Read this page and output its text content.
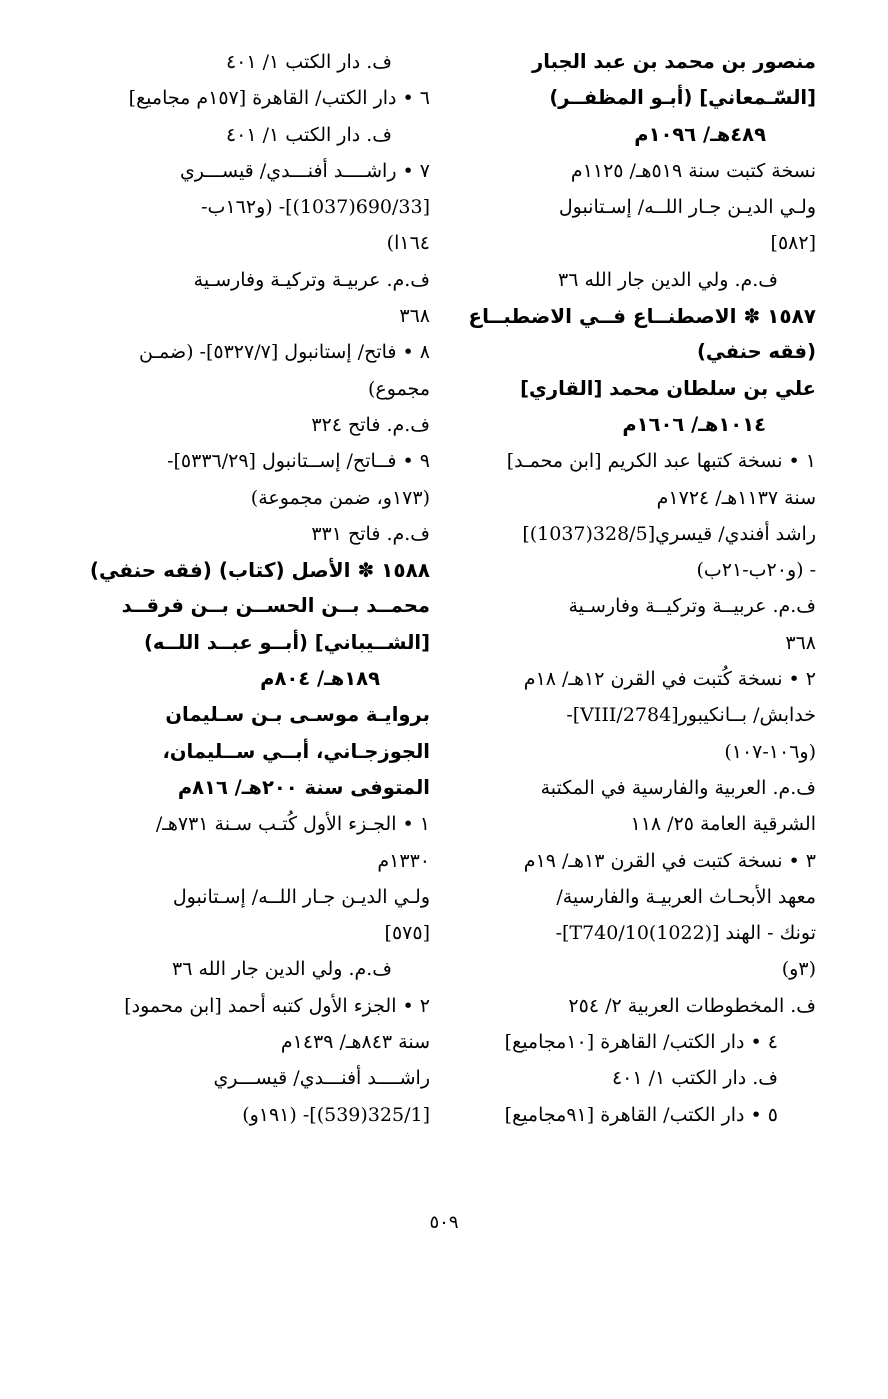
منصور بن محمد بن عبد الجبار
[السّـمعاني] (أبـو المظفــر)
٤٨٩هـ/ ١٠٩٦م
نسخة كتبت سنة ٥١٩هـ/ ١١٢٥م
ولـي الديـن جـار اللــه/ إسـتانبول
[٥٨٢]
ف.م. ولي الدين جار الله ٣٦
١٥٨٧ ✽ الاصطنــاع فــي الاضطبــاع
(فقه حنفي)
علي بن سلطان محمد [القاري]
١٠١٤هـ/ ١٦٠٦م
١ • نسخة كتبها عبد الكريم [ابن محمـد]
سنة ١١٣٧هـ/ ١٧٢٤م
راشد أفندي/ قيسري[328/5(1037)]
- (و٢٠ب-٢١ب)
ف.م. عربيــة وتركيــة وفارسـية
٣٦٨
٢ • نسخة كُتبت في القرن ١٢هـ/ ١٨م
خدابش/ بــانكيبور[2784/VIII]-
(و١٠٦-١٠٧)
ف.م. العربية والفارسية في المكتبة
الشرقية العامة ٢٥/ ١١٨
٣ • نسخة كتبت في القرن ١٣هـ/ ١٩م
معهد الأبحـاث العربيـة والفارسية/
تونك - الهند [T740/10(1022)]-
(٣و)
ف. المخطوطات العربية ٢/ ٢٥٤
٤ • دار الكتب/ القاهرة [١٠مجاميع]
ف. دار الكتب ١/ ٤٠١
٥ • دار الكتب/ القاهرة [٩١مجاميع]
ف. دار الكتب ١/ ٤٠١
٦ • دار الكتب/ القاهرة [١٥٧م مجاميع]
ف. دار الكتب ١/ ٤٠١
٧ • راشــــد أفنـــدي/ قيســـري
[690/33(1037)]- (و١٦٢ب-
١٦٤ا)
ف.م. عربيـة وتركيـة وفارسـية
٣٦٨
٨ • فاتح/ إستانبول [٥٣٢٧/٧]- (ضمـن
مجموع)
ف.م. فاتح ٣٢٤
٩ • فــاتح/ إســتانبول [٥٣٣٦/٢٩]-
(١٧٣و، ضمن مجموعة)
ف.م. فاتح ٣٣١
١٥٨٨ ✽ الأصل (كتاب) (فقه حنفي)
محمــد بــن الحســن بــن فرقــد
[الشــيباني] (أبــو عبــد اللــه)
١٨٩هـ/ ٨٠٤م
بروايـة موسـى بـن سـليمان
الجوزجـاني، أبــي ســليمان،
المتوفى سنة ٢٠٠هـ/ ٨١٦م
١ • الجـزء الأول كُتـب سـنة ٧٣١هـ/
١٣٣٠م
ولـي الديـن جـار اللــه/ إسـتانبول
[٥٧٥]
ف.م. ولي الدين جار الله ٣٦
٢ • الجزء الأول كتبه أحمد [ابن محمود]
سنة ٨٤٣هـ/ ١٤٣٩م
راشــــد أفنـــدي/ قيســـري
[325/1(539)]- (١٩١و)
٥٠٩
